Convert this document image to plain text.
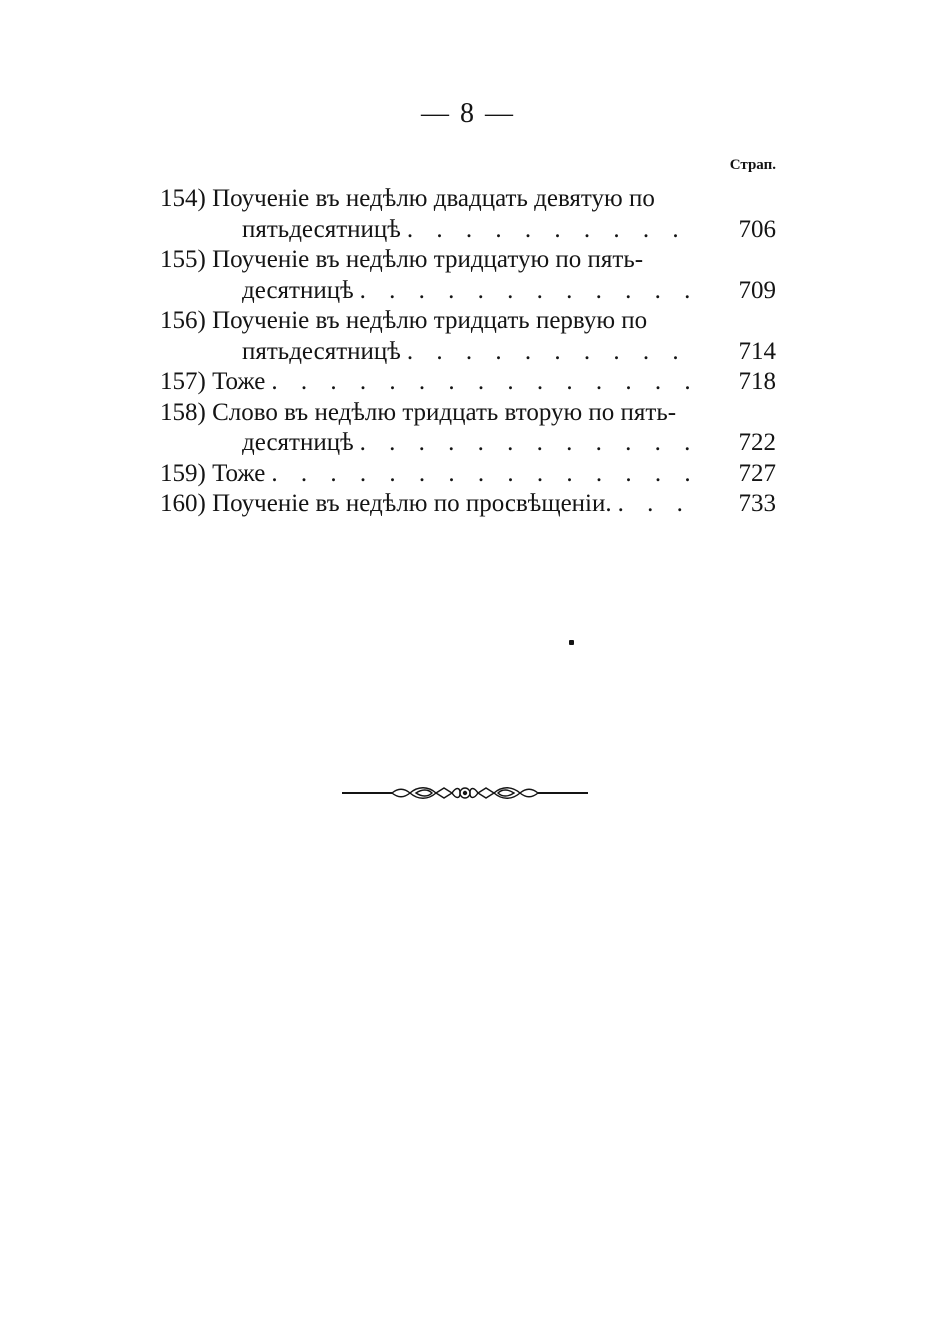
— 8 —
Страп.
154)
Поученіе въ недѣлю двадцать девятую по
пятьдесятницѣ . . .	706
155)
Поученіе въ недѣлю тридцатую по пять-
десятницѣ . . .	709
156)
Поученіе въ недѣлю тридцать первую по
пятьдесятницѣ . . .	714
157)
Тоже . . .	718
158)
Слово въ недѣлю тридцать вторую по пять-
десятницѣ . . .	722
159)
Тоже . . .	727
160)
Поученіе въ недѣлю по просвѣщеніи. . . .	733
